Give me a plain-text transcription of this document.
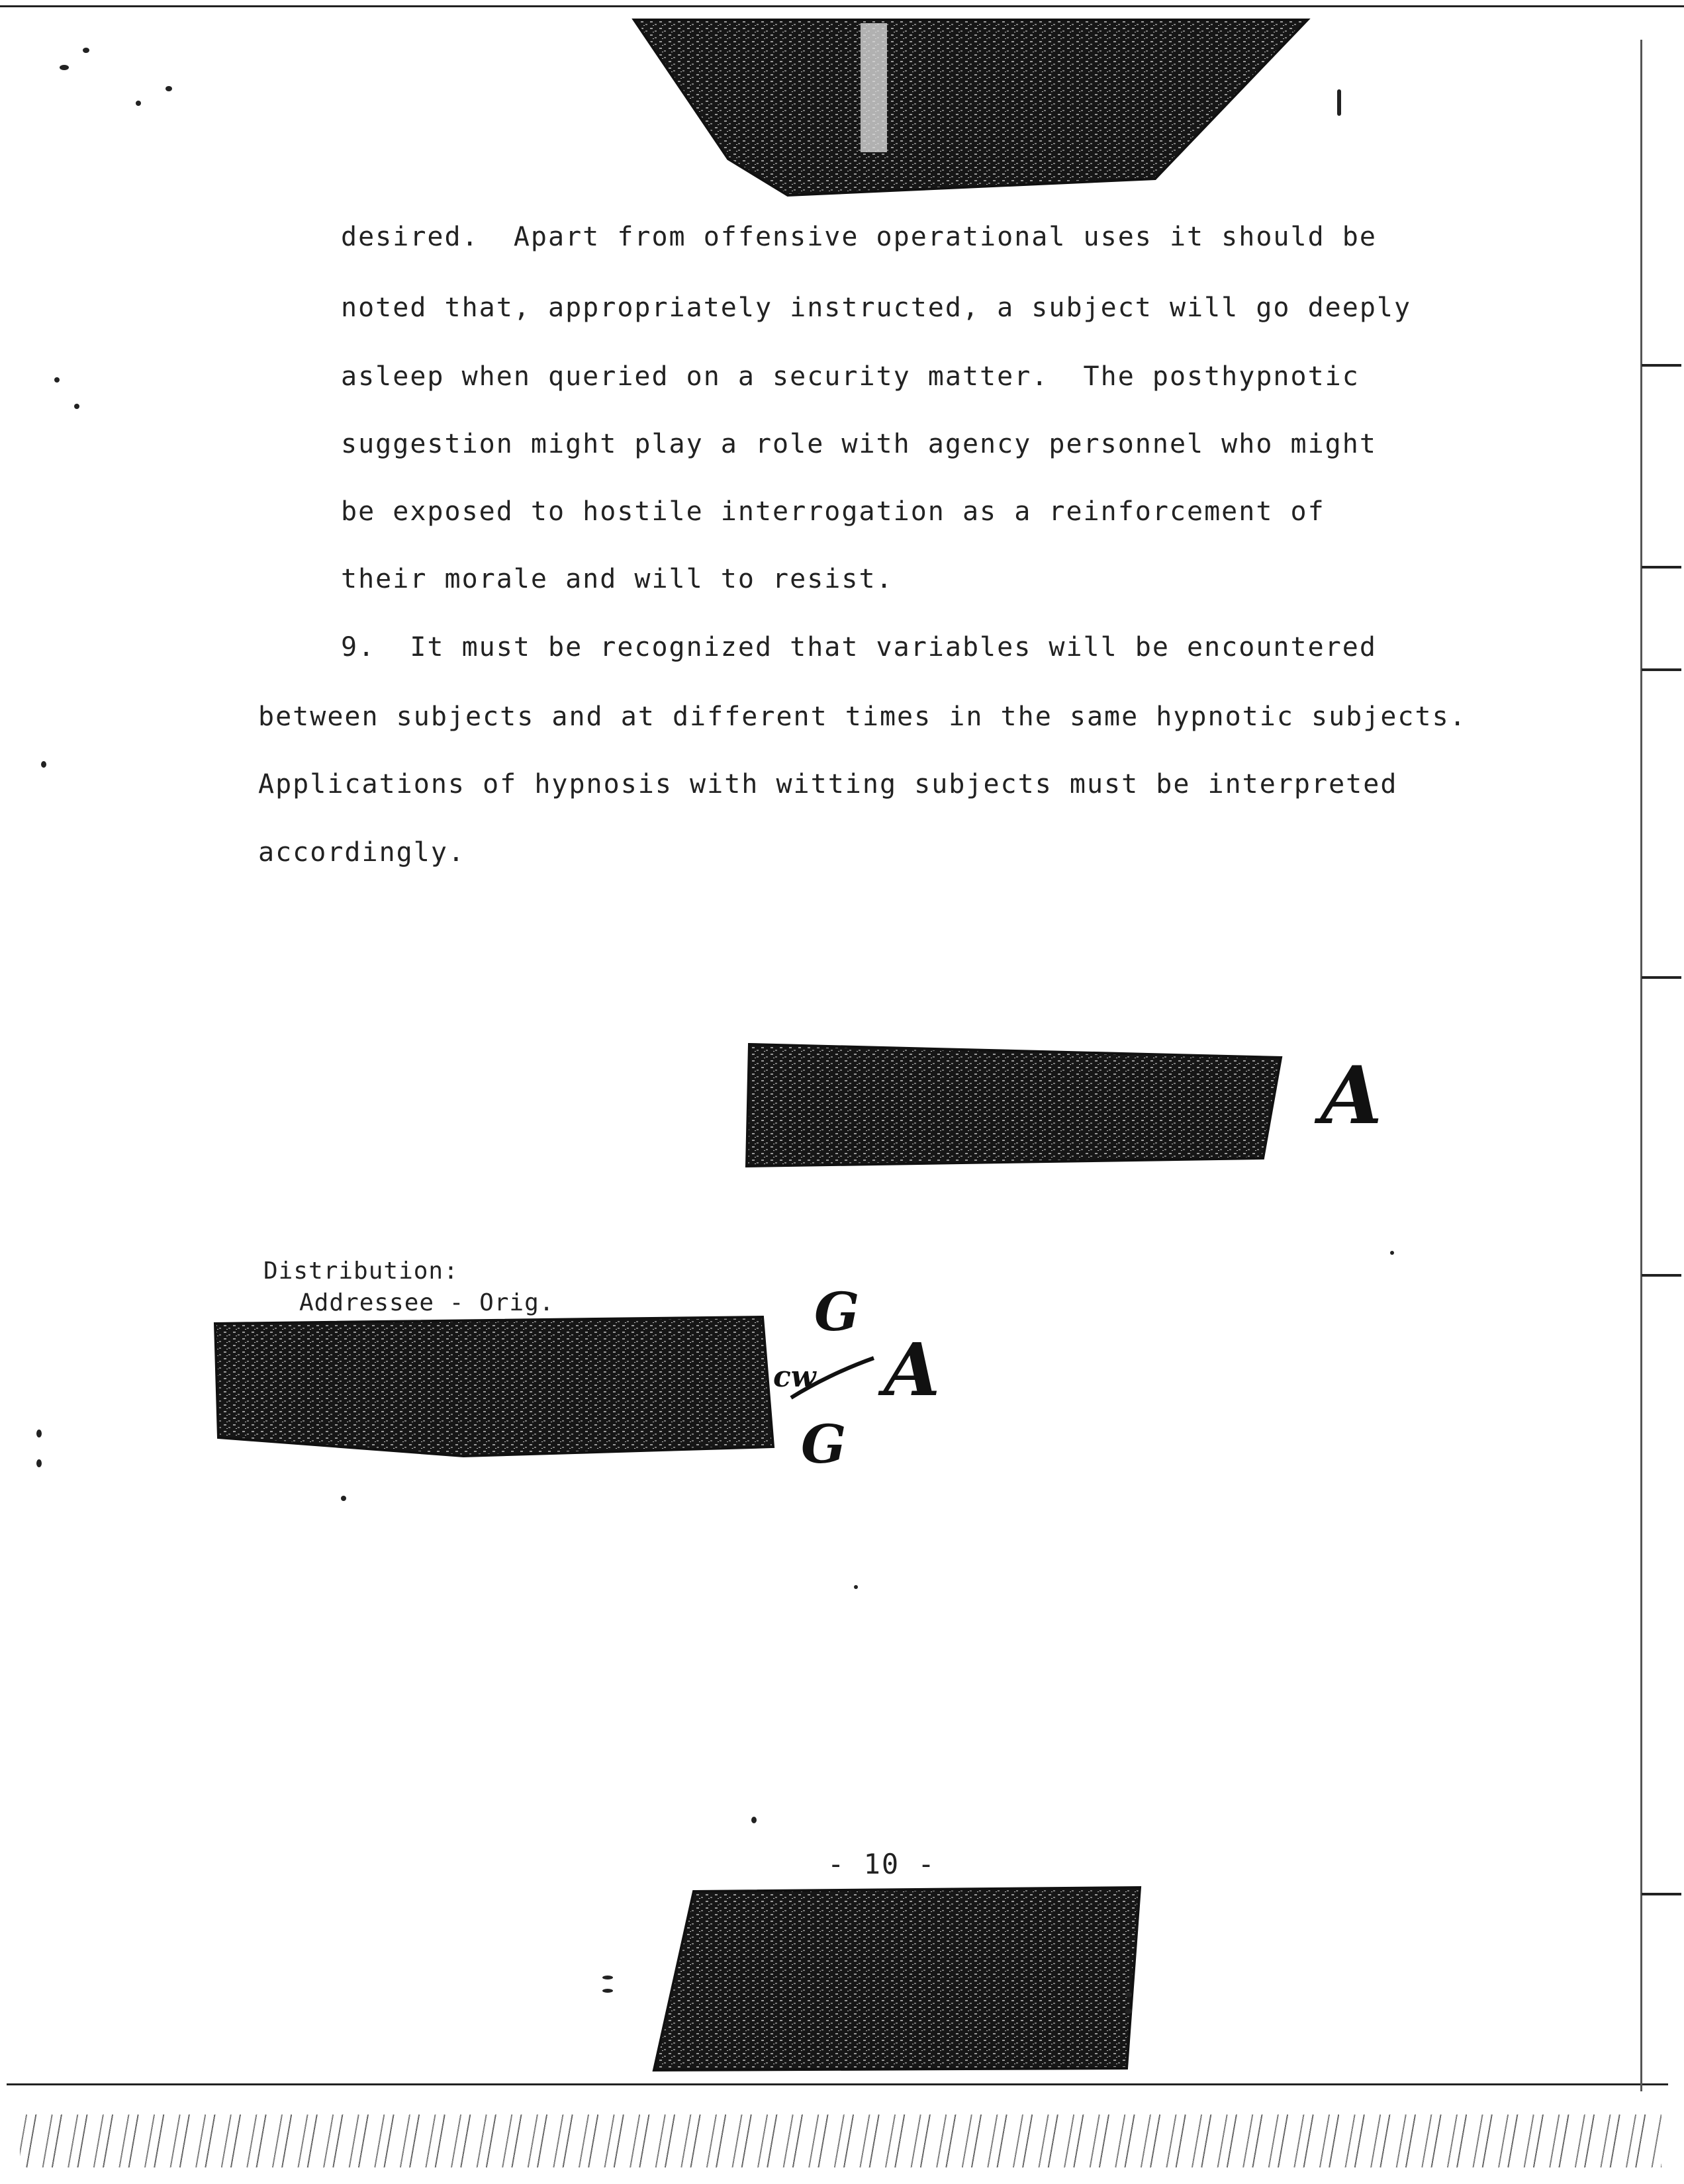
desired.  Apart from offensive operational uses it should be
noted that, appropriately instructed, a subject will go deeply
asleep when queried on a security matter.  The posthypnotic
suggestion might play a role with agency personnel who might
be exposed to hostile interrogation as a reinforcement of
their morale and will to resist.
9.  It must be recognized that variables will be encountered
between subjects and at different times in the same hypnotic subjects.
Applications of hypnosis with witting subjects must be interpreted
accordingly.
A
Distribution:
Addressee - Orig.	G
cw A
G
- 10 -
